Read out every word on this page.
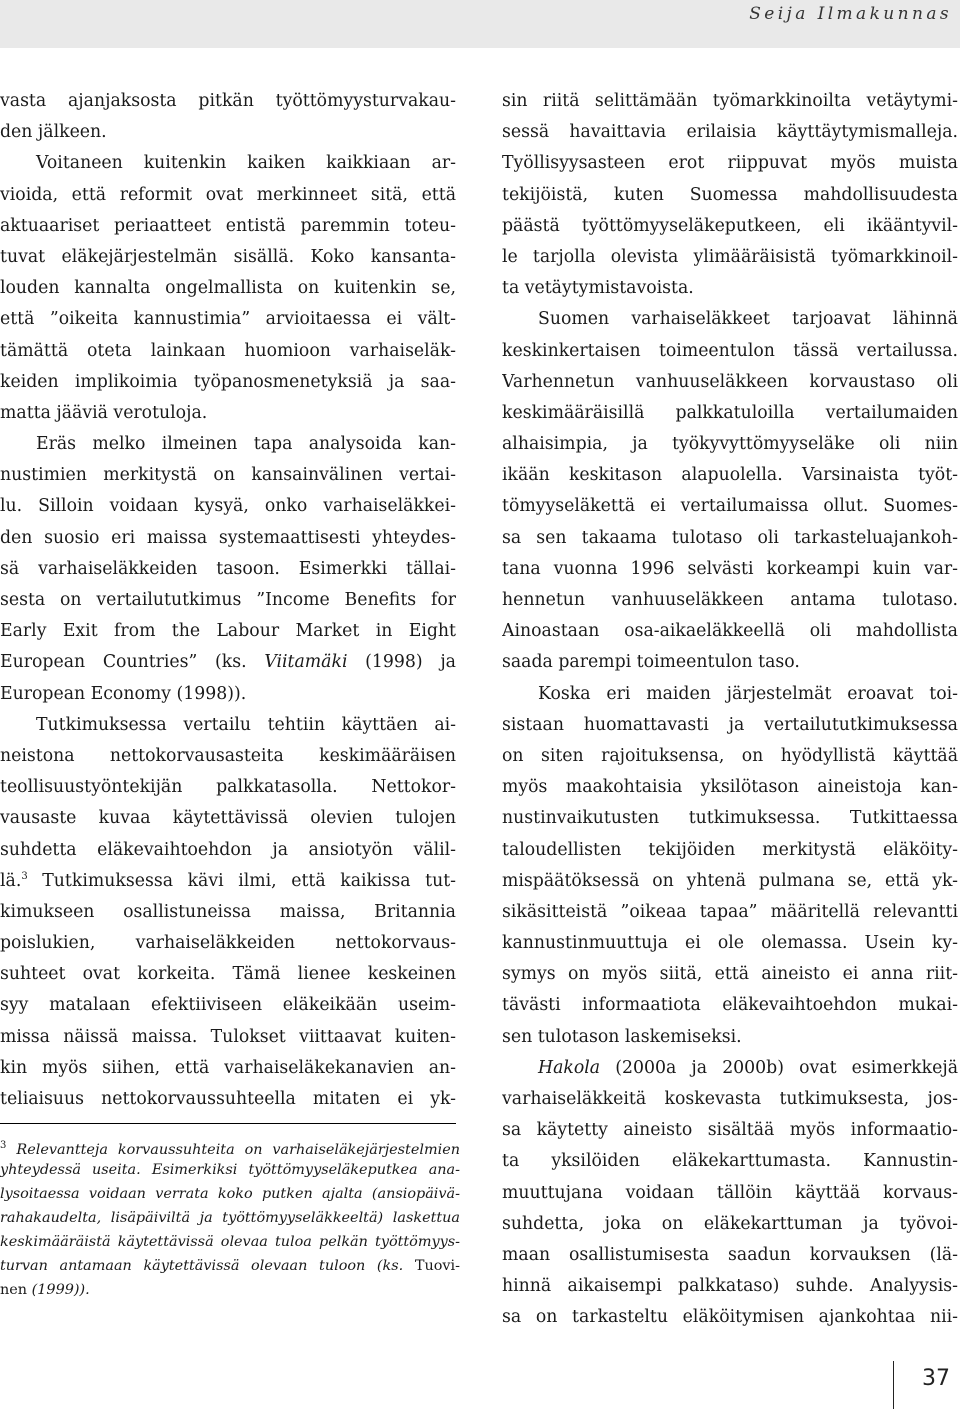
Seija Ilmakunnas

vasta ajanjaksosta pitkän työttömyysturvakau-
den jälkeen.

Voitaneen kuitenkin kaiken kaikkiaan ar-
vioida, että reformit ovat merkinneet sitä, että
aktuaariset periaatteet entistä paremmin toteu-
tuvat eläkejärjestelmän sisällä. Koko kansanta-
louden kannalta ongelmallista on kuitenkin se,
että ”oikeita kannustimia” arvioitaessa ei vält-
tämättä oteta lainkaan huomioon varhaiseläk-
keiden implikoimia työpanosmenetyksiä ja saa-
matta jääviä verotuloja.

Eräs melko ilmeinen tapa analysoida kan-
nustimien merkitystä on kansainvälinen vertai-
lu. Silloin voidaan kysyä, onko varhaiseläkkei-
den suosio eri maissa systemaattisesti yhteydes-
sä varhaiseläkkeiden tasoon. Esimerkki tällai-
sesta on vertailututkimus ”Income Benefits for
Early Exit from the Labour Market in Eight
European Countries” (ks. Viitamäki (1998) ja
European Economy (1998)).

Tutkimuksessa vertailu tehtiin käyttäen ai-
neistona nettokorvausasteita keskimääräisen
teollisuustyöntekijän palkkatasolla. Nettokor-
vausaste kuvaa käytettävissä olevien tulojen
suhdetta eläkevaihtoehdon ja ansiotyön välil-
lä.$^3$ Tutkimuksessa kävi ilmi, että kaikissa tut-
kimukseen osallistuneissa maissa, Britannia
poislukien, varhaiseläkkeiden nettokorvaus-
suhteet ovat korkeita. Tämä lienee keskeinen
syy matalaan efektiiviseen eläkeikään useim-
missa näissä maissa. Tulokset viittaavat kuiten-
kin myös siihen, että varhaiseläkekanavien an-
teliaisuus nettokorvaussuhteella mitaten ei yk-

$^3$ Relevantteja korvaussuhteita on varhaiseläkejärjestelmien
yhteydessä useita. Esimerkiksi työttömyyseläkeputkea ana-
lysoitaessa voidaan verrata koko putken ajalta (ansiopäivä-
rahakaudelta, lisäpäiviltä ja työttömyyseläkkeeltä) laskettua
keskimääräistä käytettävissä olevaa tuloa pelkän työttömyys-
turvan antamaan käytettävissä olevaan tuloon (ks. Tuovi-
nen (1999)).

sin riitä selittämään työmarkkinoilta vetäytymi-
sessä havaittavia erilaisia käyttäytymismalleja.
Työllisyysasteen erot riippuvat myös muista
tekijöistä, kuten Suomessa mahdollisuudesta
päästä työttömyyseläkeputkeen, eli ikääntyvil-
le tarjolla olevista ylimääräisistä työmarkkinoil-
ta vetäytymistavoista.

Suomen varhaiseläkkeet tarjoavat lähinnä
keskinkertaisen toimeentulon tässä vertailussa.
Varhennetun vanhuuseläkkeen korvaustaso oli
keskimääräisillä palkkatuloilla vertailumaiden
alhaisimpia, ja työkyvyttömyyseläke oli niin
ikään keskitason alapuolella. Varsinaista työt-
tömyyseläkettä ei vertailumaissa ollut. Suomes-
sa sen takaama tulotaso oli tarkasteluajankoh-
tana vuonna 1996 selvästi korkeampi kuin var-
hennetun vanhuuseläkkeen antama tulotaso.
Ainoastaan osa-aikaeläkkeellä oli mahdollista
saada parempi toimeentulon taso.

Koska eri maiden järjestelmät eroavat toi-
sistaan huomattavasti ja vertailututkimuksessa
on siten rajoituksensa, on hyödyllistä käyttää
myös maakohtaisia yksilötason aineistoja kan-
nustinvaikutusten tutkimuksessa. Tutkittaessa
taloudellisten tekijöiden merkitystä eläköity-
mispäätöksessä on yhtenä pulmana se, että yk-
sikäsitteistä ”oikeaa tapaa” määritellä relevantti
kannustinmuuttuja ei ole olemassa. Usein ky-
symys on myös siitä, että aineisto ei anna riit-
tävästi informaatiota eläkevaihtoehdon mukai-
sen tulotason laskemiseksi.

Hakola (2000a ja 2000b) ovat esimerkkejä
varhaiseläkkeitä koskevasta tutkimuksesta, jos-
sa käytetty aineisto sisältää myös informaatio-
ta yksilöiden eläkekarttumasta. Kannustin-
muuttujana voidaan tällöin käyttää korvaus-
suhdetta, joka on eläkekarttuman ja työvoi-
maan osallistumisesta saadun korvauksen (lä-
hinnä aikaisempi palkkataso) suhde. Analyysis-
sa on tarkasteltu eläköitymisen ajankohtaa nii-

37
